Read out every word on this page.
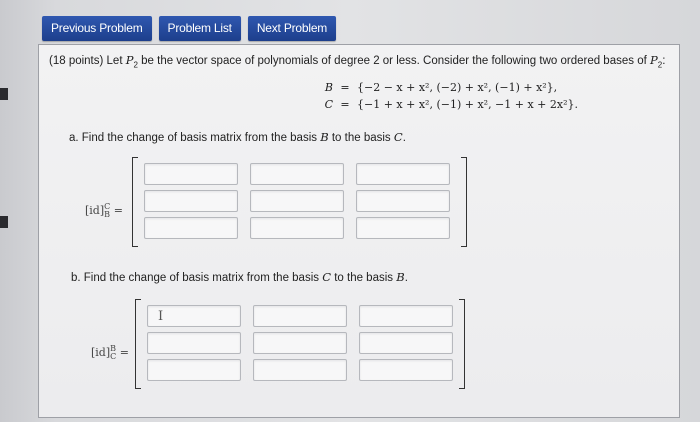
Previous Problem	Problem List	Next Problem
(18 points) Let $P_2$ be the vector space of polynomials of degree 2 or less. Consider the following two ordered bases of $P_2$:
B = {−2 − x + x², (−2) + x², (−1) + x²},
C = {−1 + x + x², (−1) + x², −1 + x + 2x²}.
a. Find the change of basis matrix from the basis B to the basis C.
[id] C
B =
b. Find the change of basis matrix from the basis C to the basis B.
[id] B
C =
I
